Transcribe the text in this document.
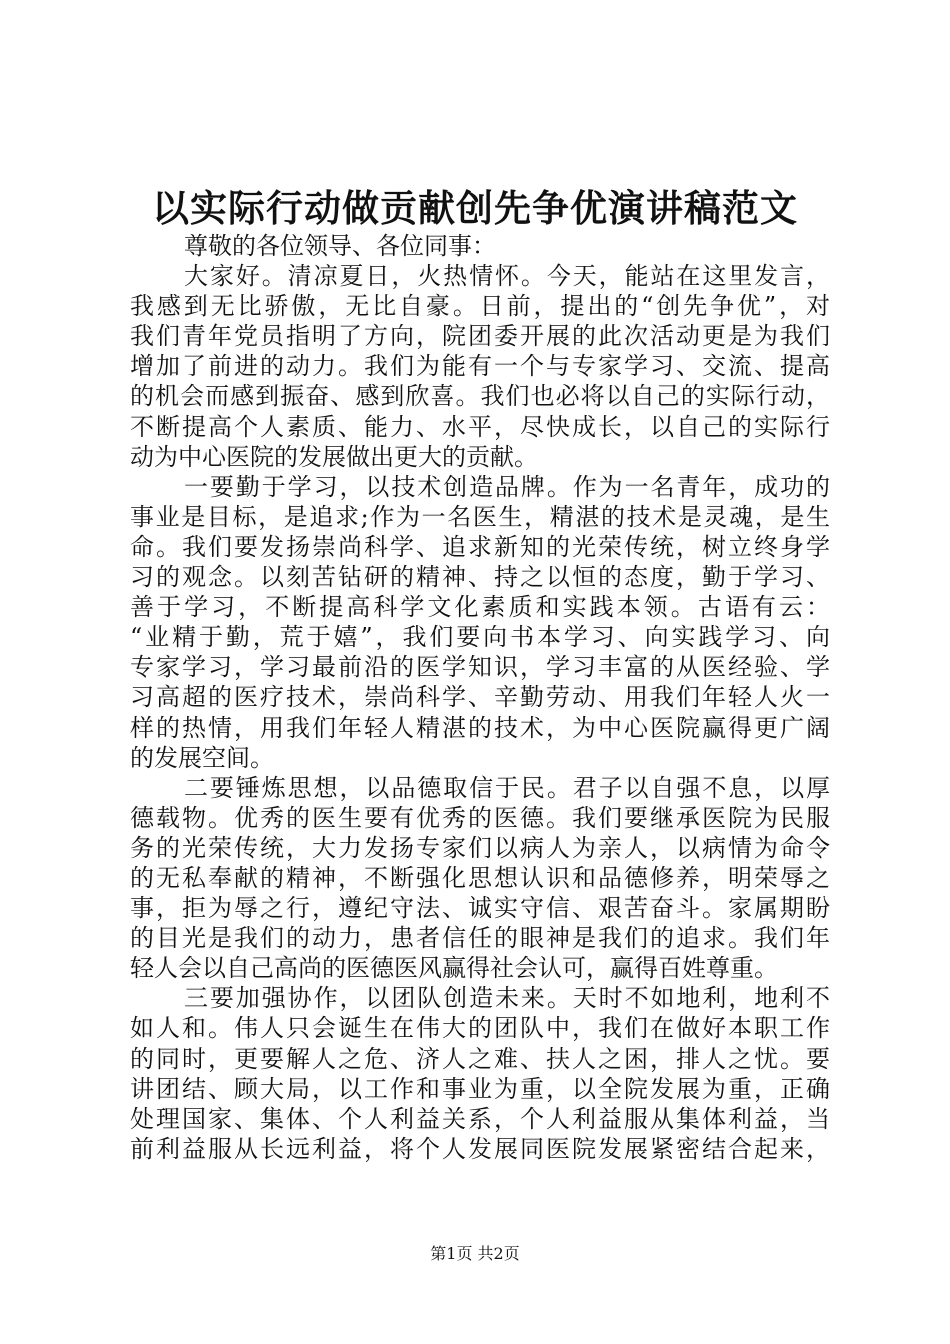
以实际行动做贡献创先争优演讲稿范文
尊敬的各位领导、各位同事：
大家好。清凉夏日，火热情怀。今天，能站在这里发言，
我感到无比骄傲，无比自豪。日前，提出的“创先争优”，对
我们青年党员指明了方向，院团委开展的此次活动更是为我们
增加了前进的动力。我们为能有一个与专家学习、交流、提高
的机会而感到振奋、感到欣喜。我们也必将以自己的实际行动，
不断提高个人素质、能力、水平，尽快成长，以自己的实际行
动为中心医院的发展做出更大的贡献。
一要勤于学习，以技术创造品牌。作为一名青年，成功的
事业是目标，是追求;作为一名医生，精湛的技术是灵魂，是生
命。我们要发扬崇尚科学、追求新知的光荣传统，树立终身学
习的观念。以刻苦钻研的精神、持之以恒的态度，勤于学习、
善于学习，不断提高科学文化素质和实践本领。古语有云：
“业精于勤，荒于嬉”，我们要向书本学习、向实践学习、向
专家学习，学习最前沿的医学知识，学习丰富的从医经验、学
习高超的医疗技术，崇尚科学、辛勤劳动、用我们年轻人火一
样的热情，用我们年轻人精湛的技术，为中心医院赢得更广阔
的发展空间。
二要锤炼思想，以品德取信于民。君子以自强不息，以厚
德载物。优秀的医生要有优秀的医德。我们要继承医院为民服
务的光荣传统，大力发扬专家们以病人为亲人，以病情为命令
的无私奉献的精神，不断强化思想认识和品德修养，明荣辱之
事，拒为辱之行，遵纪守法、诚实守信、艰苦奋斗。家属期盼
的目光是我们的动力，患者信任的眼神是我们的追求。我们年
轻人会以自己高尚的医德医风赢得社会认可，赢得百姓尊重。
三要加强协作，以团队创造未来。天时不如地利，地利不
如人和。伟人只会诞生在伟大的团队中，我们在做好本职工作
的同时，更要解人之危、济人之难、扶人之困，排人之忧。要
讲团结、顾大局，以工作和事业为重，以全院发展为重，正确
处理国家、集体、个人利益关系，个人利益服从集体利益，当
前利益服从长远利益，将个人发展同医院发展紧密结合起来，
第1页 共2页
